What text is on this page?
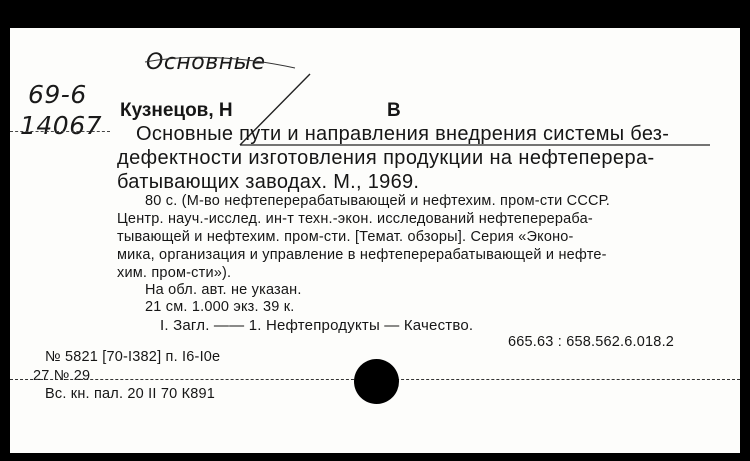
Основные
69-6
14067
Кузнецов, Н	В
Основные пути и направления внедрения системы без-
дефектности изготовления продукции на нефтеперера-
батывающих заводах. М., 1969.
80 с. (М-во нефтеперерабатывающей и нефтехим. пром-сти СССР.
Центр. науч.-исслед. ин-т техн.-экон. исследований нефтеперераба-
тывающей и нефтехим. пром-сти. [Темат. обзоры]. Серия «Эконо-
мика, организация и управление в нефтеперерабатывающей и нефте-
хим. пром-сти»).
На обл. авт. не указан.
21 см. 1.000 экз. 39 к.
I. Загл. —— 1. Нефтепродукты — Качество.
665.63 : 658.562.6.018.2
№ 5821 [70-I382] п. I6-I0e
27 № 29
Вс. кн. пал. 20 II 70 К891
